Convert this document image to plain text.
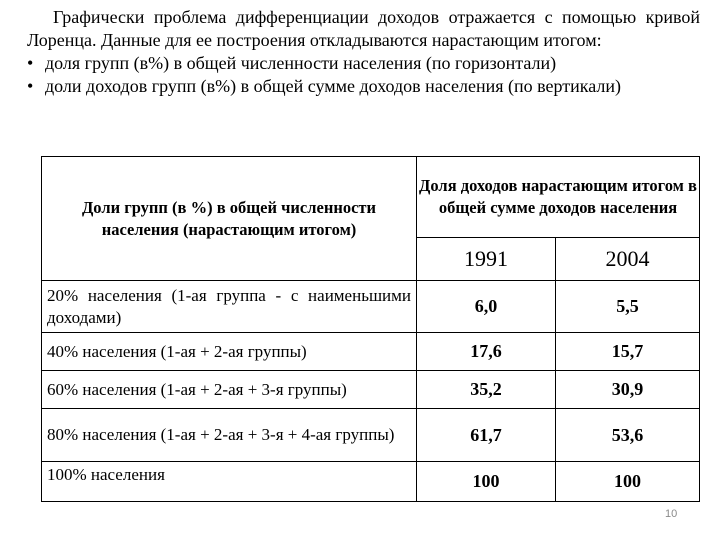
Графически проблема дифференциации доходов отражается с помощью кривой Лоренца. Данные для ее построения откладываются нарастающим итогом:

• доля групп (в%) в общей численности населения (по горизонтали)
• доли доходов групп (в%) в общей сумме доходов населения (по вертикали)
Доли групп (в %) в общей численности населения (нарастающим итогом)	Доля доходов нарастающим итогом в общей сумме доходов населения	
	1991	2004
20% населения (1-ая группа - с наименьшими доходами)	6,0	5,5
40% населения (1-ая + 2-ая группы)	17,6	15,7
60% населения (1-ая + 2-ая + 3-я группы)	35,2	30,9
80% населения (1-ая + 2-ая + 3-я + 4-ая группы)	61,7	53,6
100% населения	100	100
10
